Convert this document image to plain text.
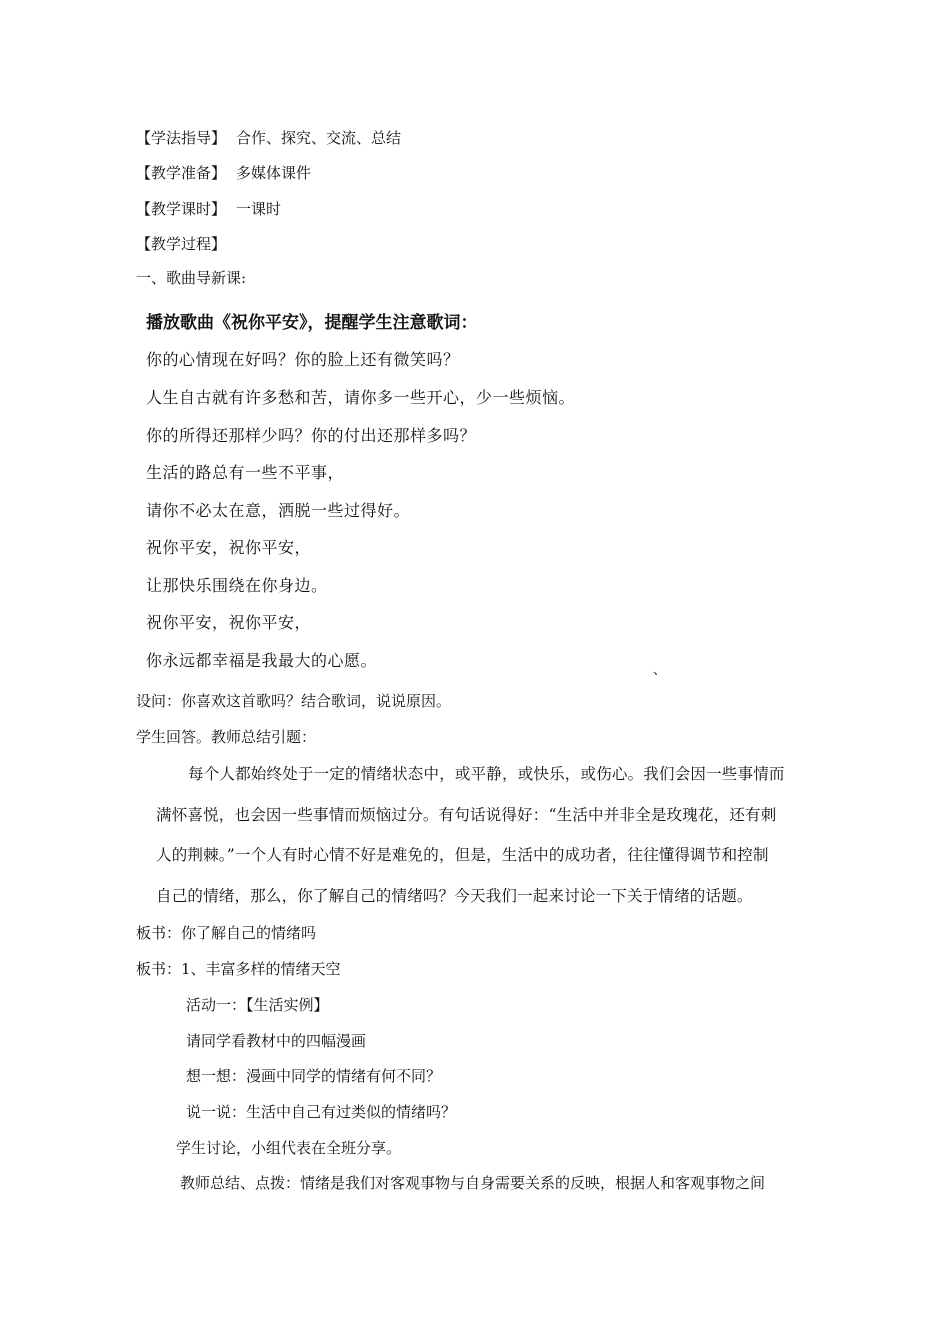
【学法指导】 合作、探究、交流、总结
【教学准备】 多媒体课件
【教学课时】 一课时
【教学过程】
一、歌曲导新课:
播放歌曲《祝你平安》，提醒学生注意歌词：
你的心情现在好吗？你的脸上还有微笑吗？
人生自古就有许多愁和苦，请你多一些开心，少一些烦恼。
你的所得还那样少吗？你的付出还那样多吗？
生活的路总有一些不平事，
请你不必太在意，洒脱一些过得好。
祝你平安，祝你平安，
让那快乐围绕在你身边。
祝你平安，祝你平安，
你永远都幸福是我最大的心愿。
、
设问：你喜欢这首歌吗？结合歌词，说说原因。
学生回答。教师总结引题：
每个人都始终处于一定的情绪状态中，或平静，或快乐，或伤心。我们会因一些事情而
满怀喜悦，也会因一些事情而烦恼过分。有句话说得好：“生活中并非全是玫瑰花，还有刺
人的荆棘。”一个人有时心情不好是难免的，但是，生活中的成功者，往往懂得调节和控制
自己的情绪，那么，你了解自己的情绪吗？今天我们一起来讨论一下关于情绪的话题。
板书：你了解自己的情绪吗
板书：1、丰富多样的情绪天空
活动一：【生活实例】
请同学看教材中的四幅漫画
想一想：漫画中同学的情绪有何不同？
说一说：生活中自己有过类似的情绪吗？
学生讨论，小组代表在全班分享。
教师总结、点拨：情绪是我们对客观事物与自身需要关系的反映，根据人和客观事物之间
